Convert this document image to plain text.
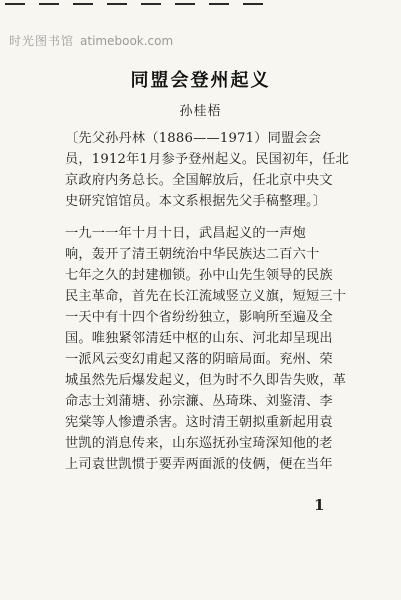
时光图书馆 atimebook.com
同盟会登州起义
孙桂梧
〔先父孙丹林（1886——1971）同盟会会
员，1912年1月参予登州起义。民国初年，任北
京政府内务总长。全国解放后，任北京中央文
史研究馆馆员。本文系根据先父手稿整理。〕
一九一一年十月十日，武昌起义的一声炮
响，轰开了清王朝统治中华民族达二百六十
七年之久的封建枷锁。孙中山先生领导的民族
民主革命，首先在长江流域竖立义旗，短短三十
一天中有十四个省纷纷独立，影响所至遍及全
国。唯独紧邻清廷中枢的山东、河北却呈现出
一派风云变幻甫起又落的阴暗局面。兖州、荣
城虽然先后爆发起义，但为时不久即告失败，革
命志士刘蒲塘、孙宗濂、丛琦珠、刘鉴清、李
宪棠等人惨遭杀害。这时清王朝拟重新起用袁
世凯的消息传来，山东巡抚孙宝琦深知他的老
上司袁世凯惯于要弄两面派的伎俩，便在当年
1
